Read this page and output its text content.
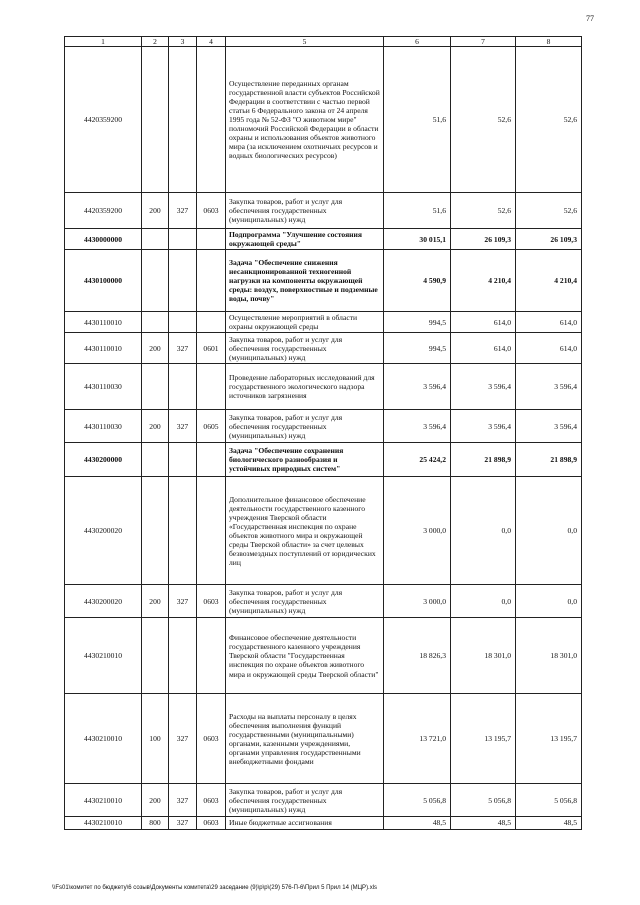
77
1	2	3	4	5	6	7	8
4420359200				Осуществление переданных органам государственной власти субъектов Российской Федерации в соответствии с частью первой статьи 6 Федерального закона от 24 апреля 1995 года № 52-ФЗ "О животном мире" полномочий Российской Федерации в области охраны и использования объектов животного мира (за исключением охотничьих ресурсов и водных биологических ресурсов)	51,6	52,6	52,6
4420359200	200	327	0603	Закупка товаров, работ и услуг для обеспечения государственных (муниципальных) нужд	51,6	52,6	52,6
4430000000				Подпрограмма "Улучшение состояния окружающей среды"	30 015,1	26 109,3	26 109,3
4430100000				Задача "Обеспечение снижения несанкционированной техногенной нагрузки на компоненты окружающей среды: воздух, поверхностные и подземные воды, почву"	4 590,9	4 210,4	4 210,4
4430110010				Осуществление мероприятий в области охраны окружающей среды	994,5	614,0	614,0
4430110010	200	327	0601	Закупка товаров, работ и услуг для обеспечения государственных (муниципальных) нужд	994,5	614,0	614,0
4430110030				Проведение лабораторных исследований для государственного экологического надзора источников загрязнения	3 596,4	3 596,4	3 596,4
4430110030	200	327	0605	Закупка товаров, работ и услуг для обеспечения государственных (муниципальных) нужд	3 596,4	3 596,4	3 596,4
4430200000				Задача "Обеспечение сохранения биологического разнообразия и устойчивых природных систем"	25 424,2	21 898,9	21 898,9
4430200020				Дополнительное финансовое обеспечение деятельности государственного казенного учреждения Тверской области «Государственная инспекция по охране объектов животного мира и окружающей среды Тверской области» за счет целевых безвозмездных поступлений от юридических лиц	3 000,0	0,0	0,0
4430200020	200	327	0603	Закупка товаров, работ и услуг для обеспечения государственных (муниципальных) нужд	3 000,0	0,0	0,0
4430210010				Финансовое обеспечение деятельности государственного казенного учреждения Тверской области "Государственная инспекция по охране объектов животного мира и окружающей среды Тверской области"	18 826,3	18 301,0	18 301,0
4430210010	100	327	0603	Расходы на выплаты персоналу в целях обеспечения выполнения функций государственными (муниципальными) органами, казенными учреждениями, органами управления государственными внебюджетными фондами	13 721,0	13 195,7	13 195,7
4430210010	200	327	0603	Закупка товаров, работ и услуг для обеспечения государственных (муниципальных) нужд	5 056,8	5 056,8	5 056,8
4430210010	800	327	0603	Иные бюджетные ассигнования	48,5	48,5	48,5
\\Fs01\комитет по бюджету\6 созыв\Документы комитета\29 заседание (9)\р\р\(29) 576-П-6\Прил 5 Прил 14 (МЦР).xls
